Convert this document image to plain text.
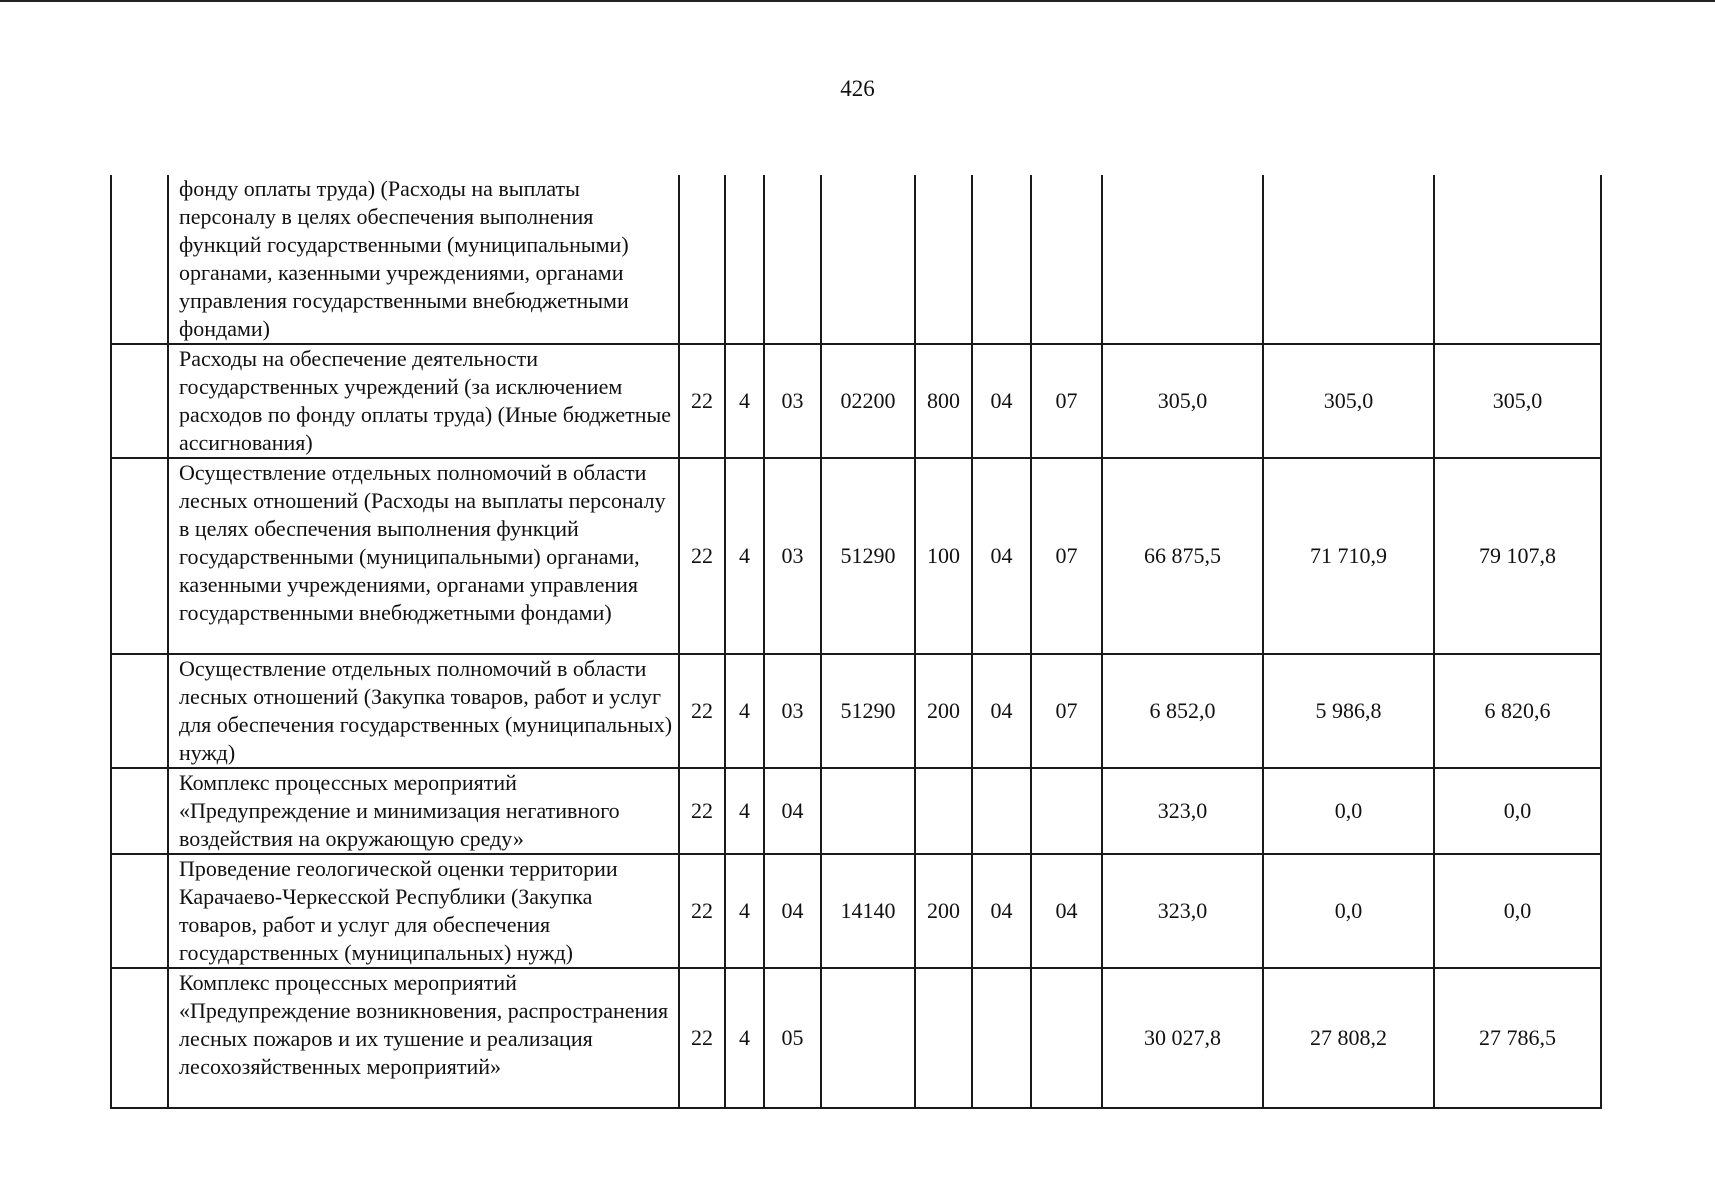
426
	фонду оплаты труда) (Расходы на выплаты персоналу в целях обеспечения выполнения функций государственными (муниципальными) органами, казенными учреждениями, органами управления государственными внебюджетными фондами)										
	Расходы на обеспечение деятельности государственных учреждений (за исключением расходов по фонду оплаты труда) (Иные бюджетные ассигнования)	22	4	03	02200	800	04	07	305,0	305,0	305,0
	Осуществление отдельных полномочий в области лесных отношений (Расходы на выплаты персоналу в целях обеспечения выполнения функций государственными (муниципальными) органами, казенными учреждениями, органами управления государственными внебюджетными фондами)	22	4	03	51290	100	04	07	66 875,5	71 710,9	79 107,8
	Осуществление отдельных полномочий в области лесных отношений (Закупка товаров, работ и услуг для обеспечения государственных (муниципальных) нужд)	22	4	03	51290	200	04	07	6 852,0	5 986,8	6 820,6
	Комплекс процессных мероприятий «Предупреждение и минимизация негативного воздействия на окружающую среду»	22	4	04					323,0	0,0	0,0
	Проведение геологической оценки территории Карачаево-Черкесской Республики (Закупка товаров, работ и услуг для обеспечения государственных (муниципальных) нужд)	22	4	04	14140	200	04	04	323,0	0,0	0,0
	Комплекс процессных мероприятий «Предупреждение возникновения, распространения лесных пожаров и их тушение и реализация лесохозяйственных мероприятий»	22	4	05					30 027,8	27 808,2	27 786,5
